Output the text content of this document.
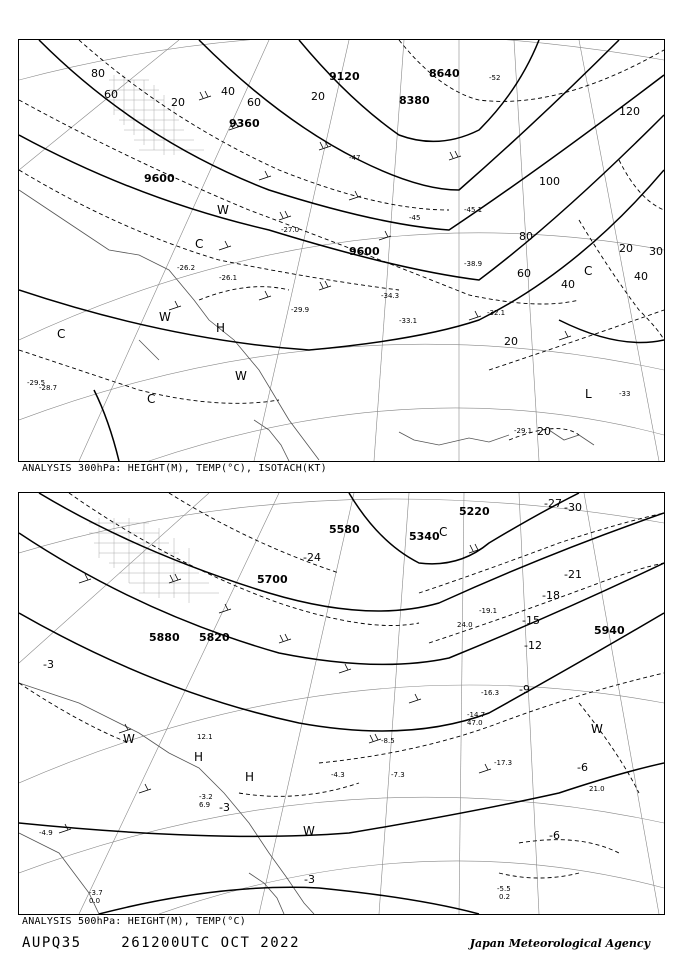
9600
9120	8640
8380
9360
9600
80
60
20
40
60	20
100
120
80
60
40
20
40
30
20
20
H
L
W
W
C
C
C
C
W
-26.1
-27.0
-33.1
-34.3
-29.9
-45.1
-38.9
-32.1
-26.2
-28.7
-29.5
-45
-33
-47
-52
-29.1
ANALYSIS 300hPa: HEIGHT(M), TEMP(°C), ISOTACH(KT)
5880 5820
5700
5340
5220
5580
5940
-24
-21
-18
-15
-12
-9
-6
-3
-3
-27 -30
-3
-6
H
H
W
W
W
C
-19.1
-17.3
-16.3
-14.7
-8.5
-7.3
-4.3
-3.2
-5.5
-4.9
-3.7
24.0
47.0
21.0
6.9
0.2
0.0
12.1
ANALYSIS 500hPa: HEIGHT(M), TEMP(°C)
AUPQ35	261200UTC OCT 2022	Japan Meteorological Agency
